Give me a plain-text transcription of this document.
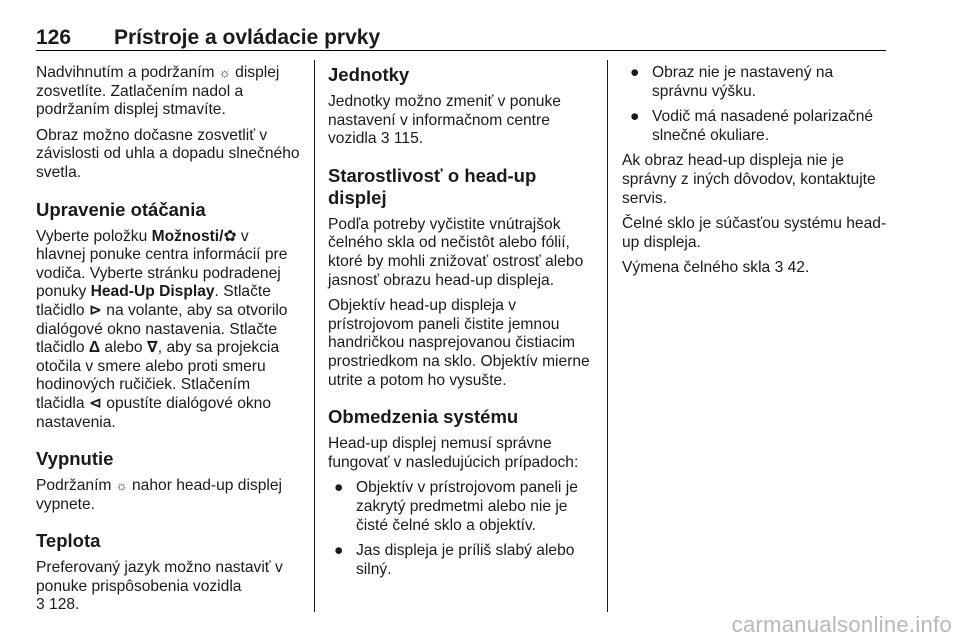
126 Prístroje a ovládacie prvky

Nadvihnutím a podržaním ☼ displej zosvetlíte. Zatlačením nadol a podržaním displej stmavíte.

Obraz možno dočasne zosvetliť v závislosti od uhla a dopadu slnečného svetla.

Upravenie otáčania

Vyberte položku Možnosti/✿ v hlavnej ponuke centra informácií pre vodiča. Vyberte stránku podradenej ponuky Head-Up Display. Stlačte tlačidlo ⊳ na volante, aby sa otvorilo dialógové okno nastavenia. Stlačte tlačidlo Δ alebo ∇, aby sa projekcia otočila v smere alebo proti smeru hodinových ručičiek. Stlačením tlačidla ⊲ opustíte dialógové okno nastavenia.

Vypnutie

Podržaním ☼ nahor head-up displej vypnete.

Teplota

Preferovaný jazyk možno nastaviť v ponuke prispôsobenia vozidla
3 128.

Jednotky

Jednotky možno zmeniť v ponuke nastavení v informačnom centre vozidla 3 115.

Starostlivosť o head-up displej

Podľa potreby vyčistite vnútrajšok čelného skla od nečistôt alebo fólií, ktoré by mohli znižovať ostrosť alebo jasnosť obrazu head-up displeja.

Objektív head-up displeja v prístrojovom paneli čistite jemnou handričkou nasprejovanou čistiacim prostriedkom na sklo. Objektív mierne utrite a potom ho vysušte.

Obmedzenia systému

Head-up displej nemusí správne fungovať v nasledujúcich prípadoch:

● Objektív v prístrojovom paneli je zakrytý predmetmi alebo nie je čisté čelné sklo a objektív.
● Jas displeja je príliš slabý alebo silný.
● Obraz nie je nastavený na správnu výšku.
● Vodič má nasadené polarizačné slnečné okuliare.

Ak obraz head-up displeja nie je správny z iných dôvodov, kontaktujte servis.

Čelné sklo je súčasťou systému head-up displeja.

Výmena čelného skla 3 42.

carmanualsonline.info
